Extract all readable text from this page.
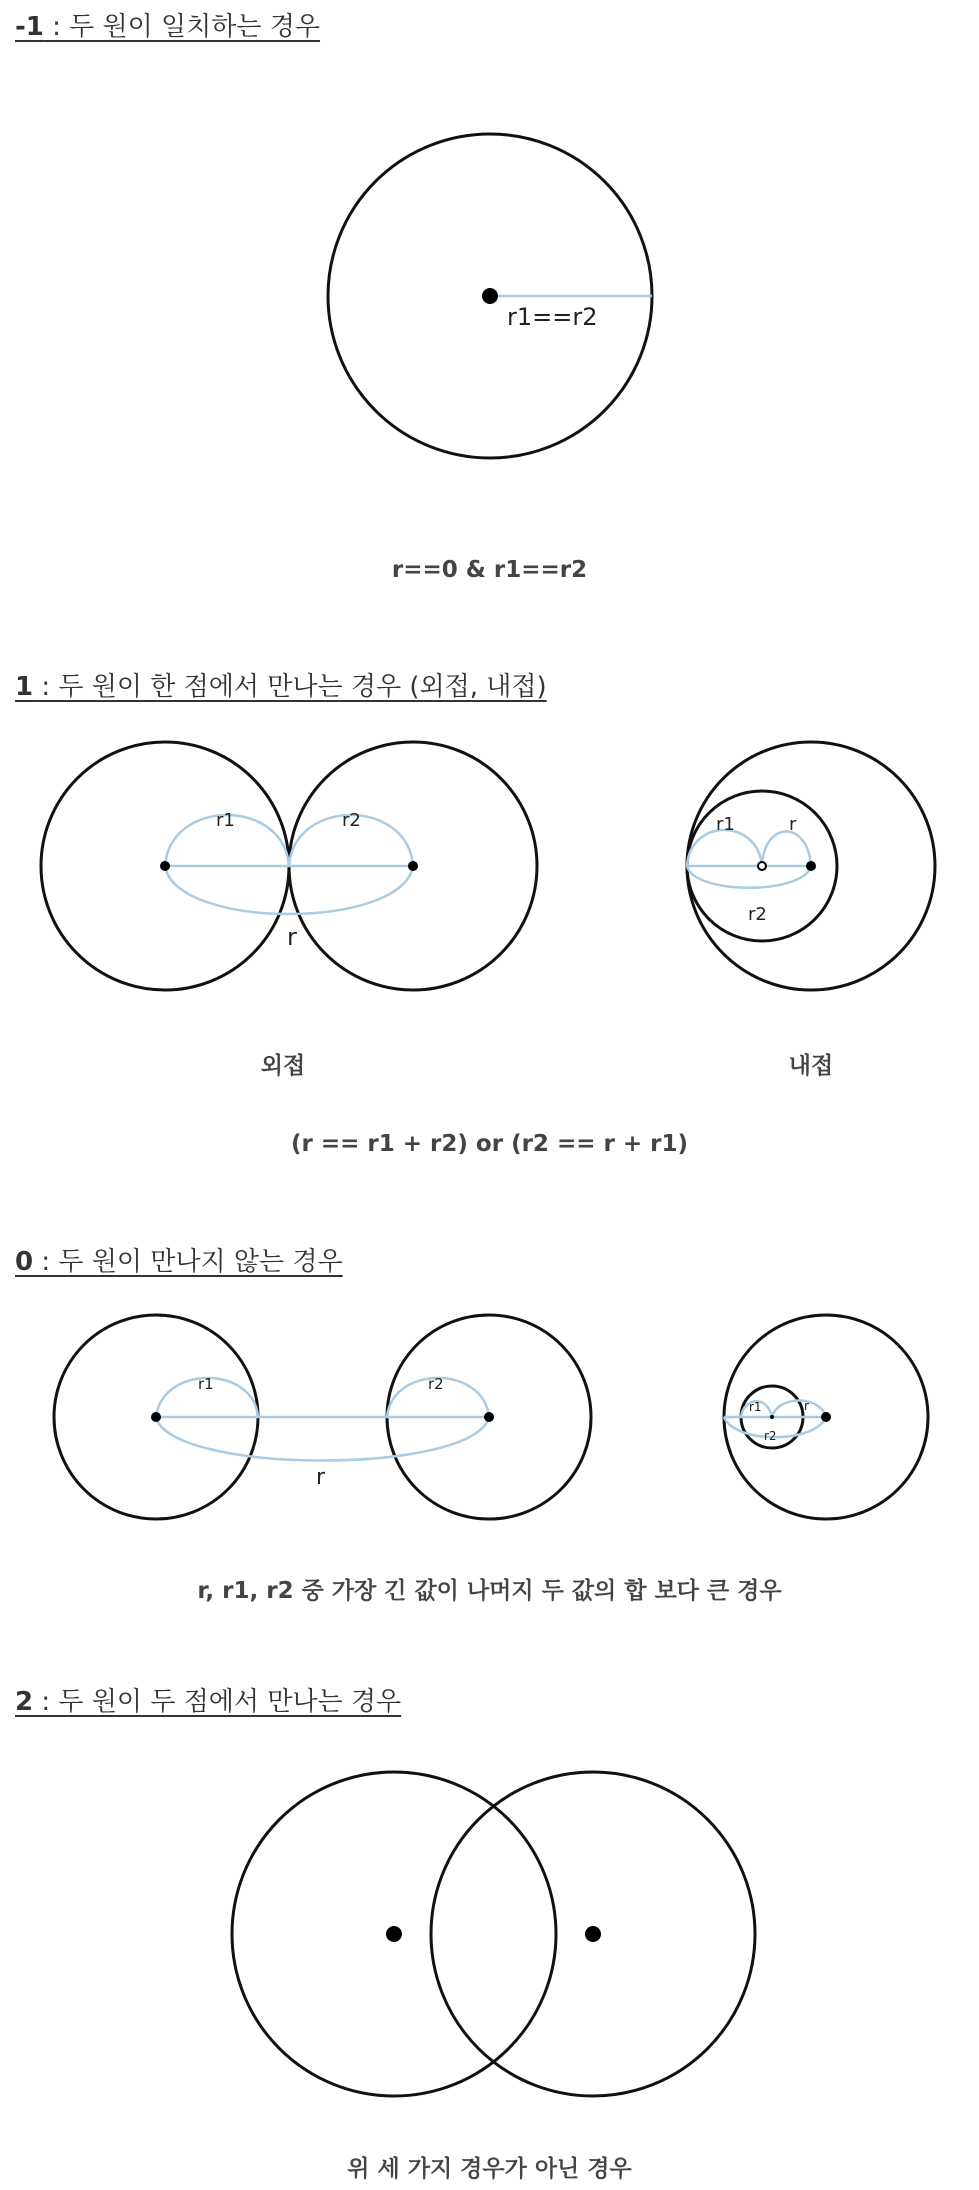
-1 : 두 원이 일치하는 경우
r1==r2
r==0 & r1==r2
1 : 두 원이 한 점에서 만나는 경우 (외접, 내접)
r1	r2
r
r1	r
r2
외접	내접
(r == r1 + r2) or (r2 == r + r1)
0 : 두 원이 만나지 않는 경우
r1	r2
r
r1	r
r2
r, r1, r2 중 가장 긴 값이 나머지 두 값의 합 보다 큰 경우
2 : 두 원이 두 점에서 만나는 경우
위 세 가지 경우가 아닌 경우
